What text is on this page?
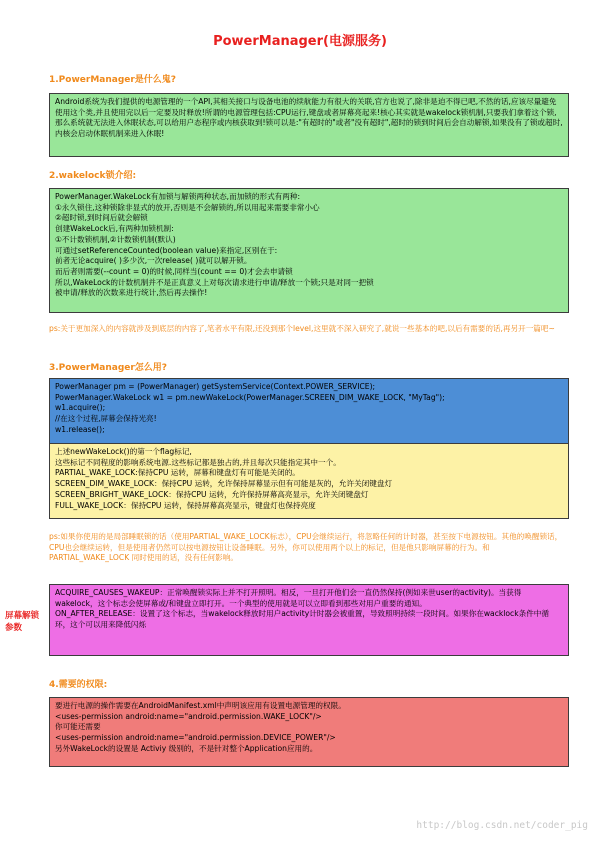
PowerManager(电源服务)
1.PowerManager是什么鬼?
Android系统为我们提供的电源管理的一个API,其相关接口与设备电池的续航能力有很大的关联,官方也说了,除非是迫不得已吧,不然的话,应该尽量避免使用这个类,并且使用完以后一定要及时释放!所谓的电源管理包括:CPU运行,键盘或者屏幕亮起来!核心其实就是wakelock锁机制,只要我们拿着这个锁,那么系统就无法进入休眠状态,可以给用户态程序或内核获取到!锁可以是:"有超时的"或者"没有超时",超时的锁到时间后会自动解锁,如果没有了锁或超时,内核会启动休眠机制来进入休眠!
2.wakelock锁介绍:
PowerManager.WakeLock有加锁与解锁两种状态,而加锁的形式有两种:
①永久锁住,这种锁除非显式的放开,否则是不会解锁的,所以用起来需要非常小心
②超时锁,到时间后就会解锁
创建WakeLock后,有两种加锁机制:
①不计数锁机制,②计数锁机制(默认)
可通过setReferenceCounted(boolean value)来指定,区别在于:
前者无论acquire( )多少次,一次release( )就可以解开锁。
而后者则需要(--count = 0)的时候,同样当(count == 0)才会去申请锁
所以,WakeLock的计数机制并不是正真意义上对每次请求进行申请/释放一个锁;只是对同一把锁
被申请/释放的次数来进行统计,然后再去操作!
ps:关于更加深入的内容就涉及到底层的内容了,笔者水平有限,还没到那个level,这里就不深入研究了,就说一些基本的吧,以后有需要的话,再另开一篇吧~
3.PowerManager怎么用?
PowerManager pm = (PowerManager) getSystemService(Context.POWER_SERVICE);
PowerManager.WakeLock w1 = pm.newWakeLock(PowerManager.SCREEN_DIM_WAKE_LOCK, "MyTag");
w1.acquire();
//在这个过程,屏幕会保持光亮!
w1.release();
上述newWakeLock()的第一个flag标记,
这些标记不同程度的影响系统电源.这些标记都是独占的,并且每次只能指定其中一个。
PARTIAL_WAKE_LOCK:保持CPU 运转，屏幕和键盘灯有可能是关闭的。
SCREEN_DIM_WAKE_LOCK：保持CPU 运转，允许保持屏幕显示但有可能是灰的，允许关闭键盘灯
SCREEN_BRIGHT_WAKE_LOCK：保持CPU 运转，允许保持屏幕高亮显示，允许关闭键盘灯
FULL_WAKE_LOCK：保持CPU 运转，保持屏幕高亮显示，键盘灯也保持亮度
ps:如果你使用的是局部睡眠锁的话（使用PARTIAL_WAKE_LOCK标志），CPU会继续运行，将忽略任何的计时器，甚至按下电源按钮。其他的唤醒锁话，CPU也会继续运转，但是使用者仍然可以按电源按钮让设备睡眠。另外，你可以使用两个以上的标记，但是他只影响屏幕的行为。和 PARTIAL_WAKE_LOCK 同时使用的话，没有任何影响。
屏幕解锁参数
ACQUIRE_CAUSES_WAKEUP：正常唤醒锁实际上并不打开照明。相反，一旦打开他们会一直仍然保持(例如来世user的activity)。当获得wakelock，这个标志会使屏幕或/和键盘立即打开。一个典型的使用就是可以立即看到那些对用户重要的通知。
ON_AFTER_RELEASE：设置了这个标志，当wakelock释放时用户activity计时器会被重置，导致照明持续一段时间。如果你在wacklock条件中循环，这个可以用来降低闪烁
4.需要的权限:
要进行电源的操作需要在AndroidManifest.xml中声明该应用有设置电源管理的权限。
<uses-permission android:name="android.permission.WAKE_LOCK"/>
你可能还需要
<uses-permission android:name="android.permission.DEVICE_POWER"/>
另外WakeLock的设置是 Activiy 级别的，不是针对整个Application应用的。
http://blog.csdn.net/coder_pig
